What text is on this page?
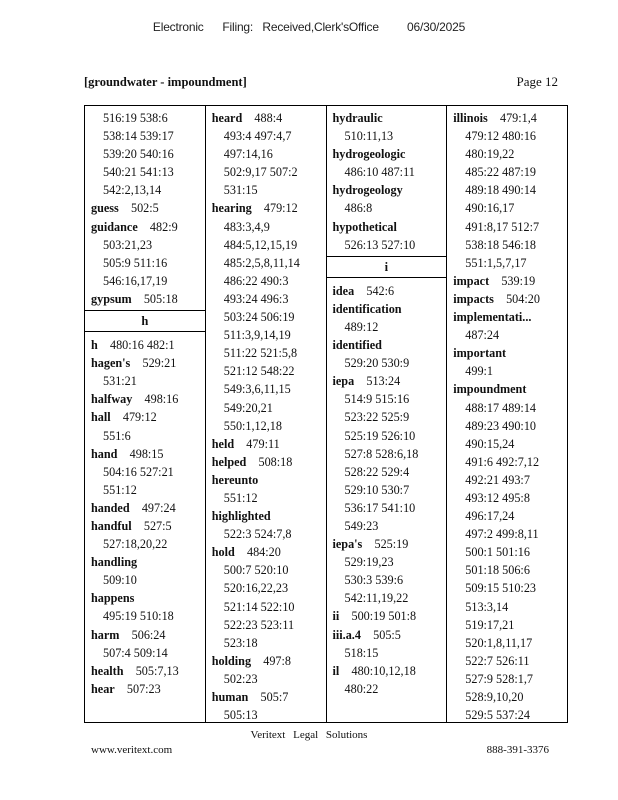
Electronic      Filing:   Received,Clerk'sOffice         06/30/2025
[groundwater - impoundment]	Page 12
516:19 538:6
538:14 539:17
539:20 540:16
540:21 541:13
542:2,13,14
guess 502:5
guidance 482:9
503:21,23
505:9 511:16
546:16,17,19
gypsum 505:18
h
h 480:16 482:1
hagen's 529:21
531:21
halfway 498:16
hall 479:12
551:6
hand 498:15
504:16 527:21
551:12
handed 497:24
handful 527:5
527:18,20,22
handling
509:10
happens
495:19 510:18
harm 506:24
507:4 509:14
health 505:7,13
hear 507:23
heard 488:4
493:4 497:4,7
497:14,16
502:9,17 507:2
531:15
hearing 479:12
483:3,4,9
484:5,12,15,19
485:2,5,8,11,14
486:22 490:3
493:24 496:3
503:24 506:19
511:3,9,14,19
511:22 521:5,8
521:12 548:22
549:3,6,11,15
549:20,21
550:1,12,18
held 479:11
helped 508:18
hereunto
551:12
highlighted
522:3 524:7,8
hold 484:20
500:7 520:10
520:16,22,23
521:14 522:10
522:23 523:11
523:18
holding 497:8
502:23
human 505:7
505:13
hydraulic
510:11,13
hydrogeologic
486:10 487:11
hydrogeology
486:8
hypothetical
526:13 527:10
i
idea 542:6
identification
489:12
identified
529:20 530:9
iepa 513:24
514:9 515:16
523:22 525:9
525:19 526:10
527:8 528:6,18
528:22 529:4
529:10 530:7
536:17 541:10
549:23
iepa's 525:19
529:19,23
530:3 539:6
542:11,19,22
ii 500:19 501:8
iii.a.4 505:5
518:15
il 480:10,12,18
480:22
illinois 479:1,4
479:12 480:16
480:19,22
485:22 487:19
489:18 490:14
490:16,17
491:8,17 512:7
538:18 546:18
551:1,5,7,17
impact 539:19
impacts 504:20
implementati...
487:24
important
499:1
impoundment
488:17 489:14
489:23 490:10
490:15,24
491:6 492:7,12
492:21 493:7
493:12 495:8
496:17,24
497:2 499:8,11
500:1 501:16
501:18 506:6
509:15 510:23
513:3,14
519:17,21
520:1,8,11,17
522:7 526:11
527:9 528:1,7
528:9,10,20
529:5 537:24
Veritext Legal Solutions
www.veritext.com	888-391-3376
